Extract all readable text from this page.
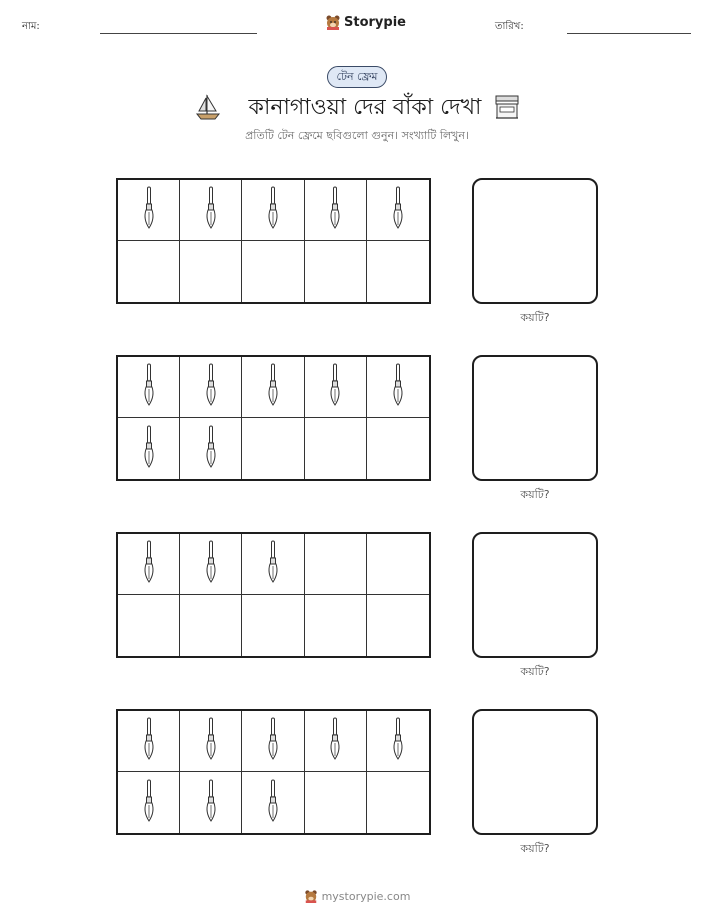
নাম:	Storypie	তারিখ:
টেন ফ্রেম
কানাগাওয়া দের বাঁকা দেখা
প্রতিটি টেন ফ্রেমে ছবিগুলো গুনুন। সংখ্যাটি লিখুন।
কয়টি?
কয়টি?
কয়টি?
কয়টি?
mystorypie.com
